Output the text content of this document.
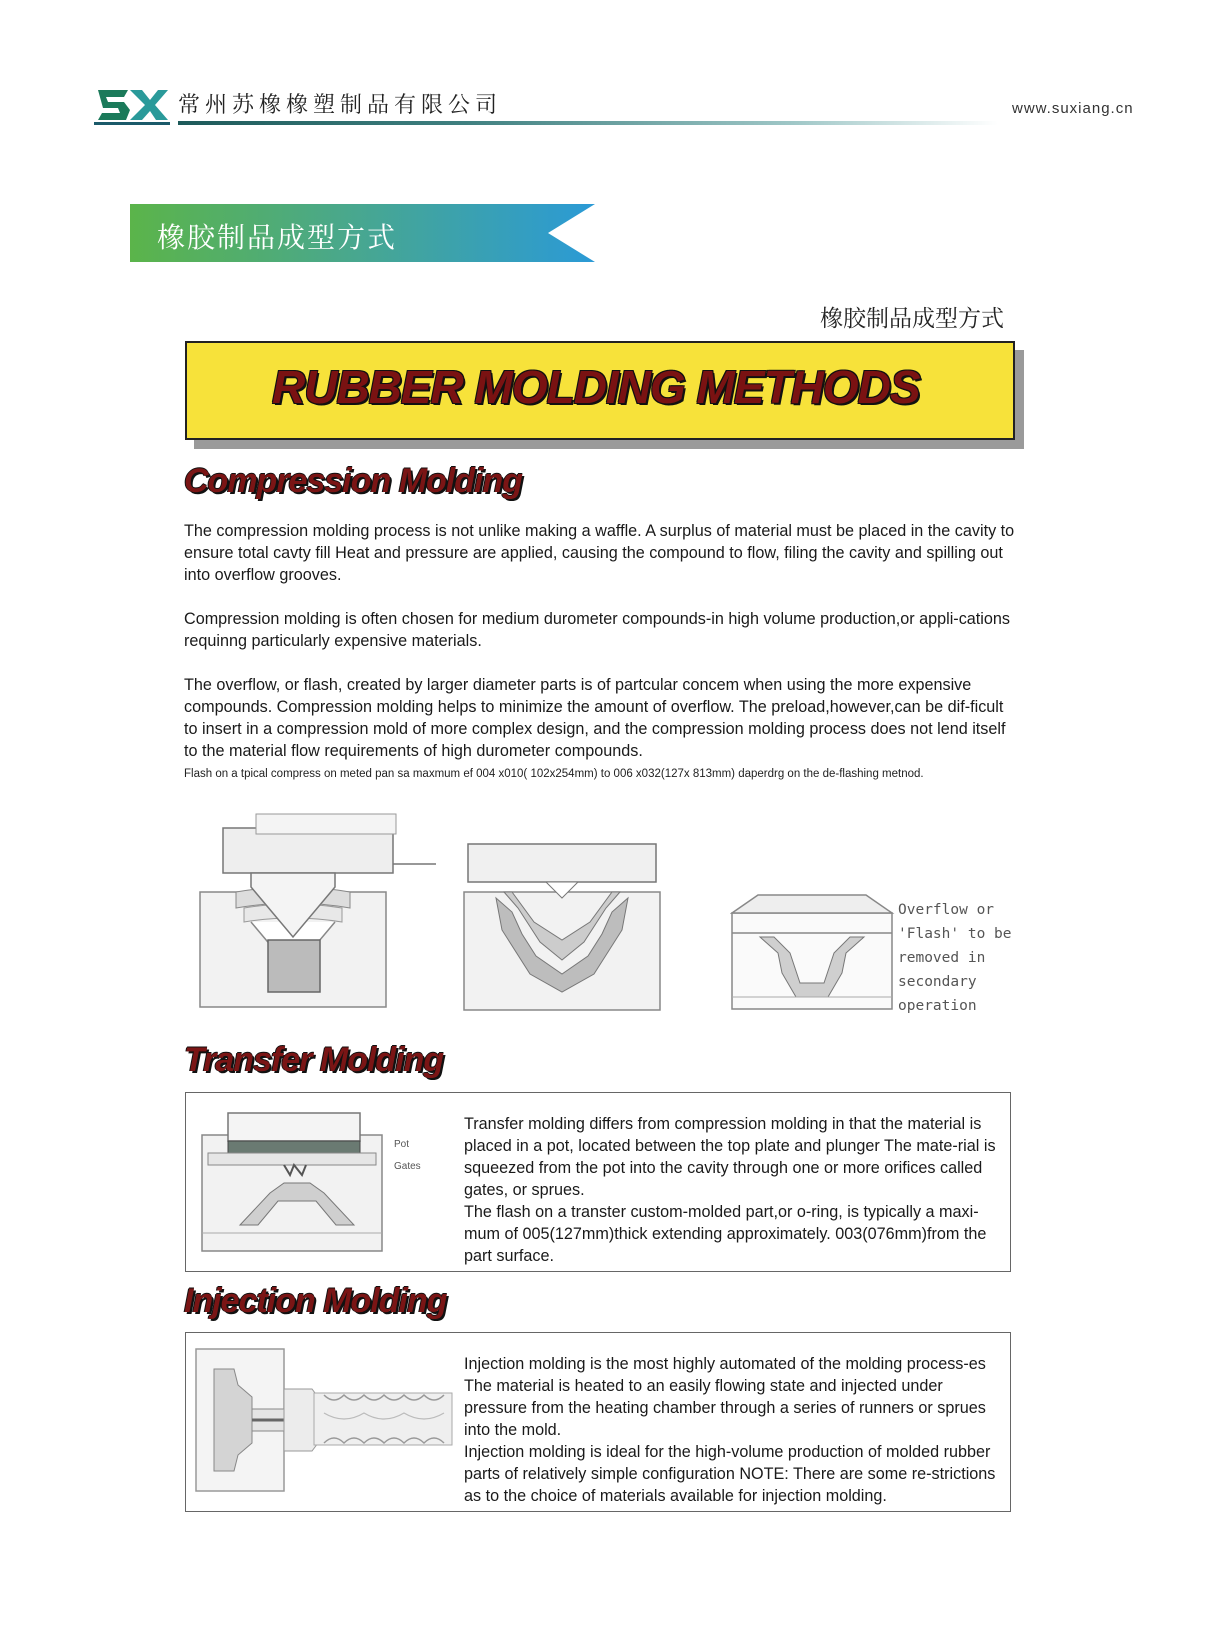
常州苏橡橡塑制品有限公司	www.suxiang.cn
橡胶制品成型方式
橡胶制品成型方式
RUBBER MOLDING METHODS
Compression Molding
The compression molding process is not unlike making a waffle. A surplus of material must be placed in the cavity to ensure total cavty fill Heat and pressure are applied, causing the compound to flow, filing the cavity and spilling out into overflow grooves.
Compression molding is often chosen for medium durometer compounds-in high volume production,or appli-cations requinng particularly expensive materials.
The overflow, or flash, created by larger diameter parts is of partcular concem when using the more expensive compounds. Compression molding helps to minimize the amount of overflow. The preload,however,can be dif-ficult to insert in a compression mold of more complex design, and the compression molding process does not lend itself to the material flow requirements of high durometer compounds.
Flash on a tpical compress on meted pan sa maxmum ef 004 x010( 102x254mm) to 006 x032(127x 813mm) daperdrg on the de-flashing metnod.
Overflow or
'Flash' to be
removed in
secondary
operation
Transfer Molding
Pot
Gates
Transfer molding differs from compression molding in that the material is placed in a pot, located between the top plate and plunger The mate-rial is squeezed from the pot into the cavity through one or more orifices called gates, or sprues.
The flash on a transter custom-molded part,or o-ring, is typically a maxi-mum of 005(127mm)thick extending approximately. 003(076mm)from the part surface.
Injection Molding
Injection molding is the most highly automated of the molding process-es The material is heated to an easily flowing state and injected under pressure from the heating chamber through a series of runners or sprues into the mold.
Injection molding is ideal for the high-volume production of molded rubber parts of relatively simple configuration NOTE: There are some re-strictions as to the choice of materials available for injection molding.
